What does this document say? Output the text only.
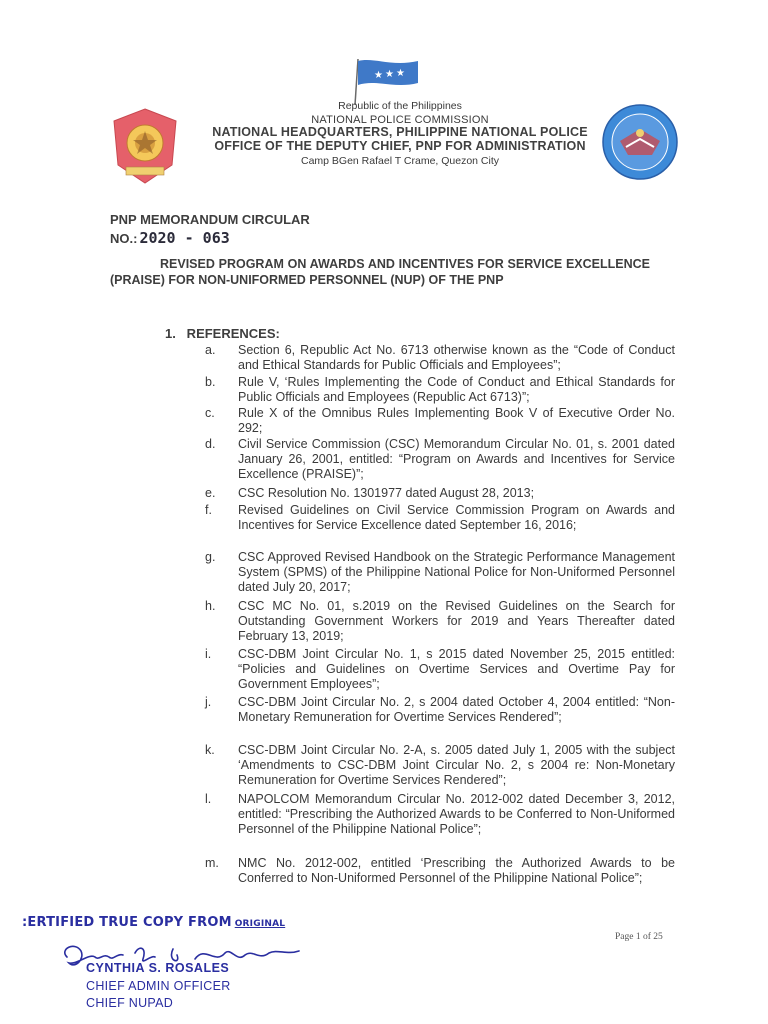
★ ★ ★
Republic of the Philippines
NATIONAL POLICE COMMISSION
NATIONAL HEADQUARTERS, PHILIPPINE NATIONAL POLICE
OFFICE OF THE DEPUTY CHIEF, PNP FOR ADMINISTRATION
Camp BGen Rafael T Crame, Quezon City
PNP MEMORANDUM CIRCULAR
NO.: 2020 - 063
REVISED PROGRAM ON AWARDS AND INCENTIVES FOR SERVICE EXCELLENCE (PRAISE) FOR NON-UNIFORMED PERSONNEL (NUP) OF THE PNP
1.   REFERENCES:
a.	Section 6, Republic Act No. 6713 otherwise known as the “Code of Conduct and Ethical Standards for Public Officials and Employees”;
b.	Rule V, ‘Rules Implementing the Code of Conduct and Ethical Standards for Public Officials and Employees (Republic Act 6713)”;
c.	Rule X of the Omnibus Rules Implementing Book V of Executive Order No. 292;
d.	Civil Service Commission (CSC) Memorandum Circular No. 01, s. 2001 dated January 26, 2001, entitled: “Program on Awards and Incentives for Service Excellence (PRAISE)”;
e.	CSC Resolution No. 1301977 dated August 28, 2013;
f.	Revised Guidelines on Civil Service Commission Program on Awards and Incentives for Service Excellence dated September 16, 2016;
g.	CSC Approved Revised Handbook on the Strategic Performance Management System (SPMS) of the Philippine National Police for Non-Uniformed Personnel dated July 20, 2017;
h.	CSC MC No. 01, s.2019 on the Revised Guidelines on the Search for Outstanding Government Workers for 2019 and Years Thereafter dated February 13, 2019;
i.	CSC-DBM Joint Circular No. 1, s 2015 dated November 25, 2015 entitled: “Policies and Guidelines on Overtime Services and Overtime Pay for Government Employees”;
j.	CSC-DBM Joint Circular No. 2, s 2004 dated October 4, 2004 entitled: “Non-Monetary Remuneration for Overtime Services Rendered”;
k.	CSC-DBM Joint Circular No. 2-A, s. 2005 dated July 1, 2005 with the subject ‘Amendments to CSC-DBM Joint Circular No. 2, s 2004 re: Non-Monetary Remuneration for Overtime Services Rendered”;
l.	NAPOLCOM Memorandum Circular No. 2012-002 dated December 3, 2012, entitled: “Prescribing the Authorized Awards to be Conferred to Non-Uniformed Personnel of the Philippine National Police”;
m.	NMC No. 2012-002, entitled ‘Prescribing the Authorized Awards to be Conferred to Non-Uniformed Personnel of the Philippine National Police”;
:ERTIFIED TRUE COPY FROM ORIGINAL
Page 1 of 25
CYNTHIA S. ROSALES
CHIEF ADMIN OFFICER
CHIEF NUPAD
